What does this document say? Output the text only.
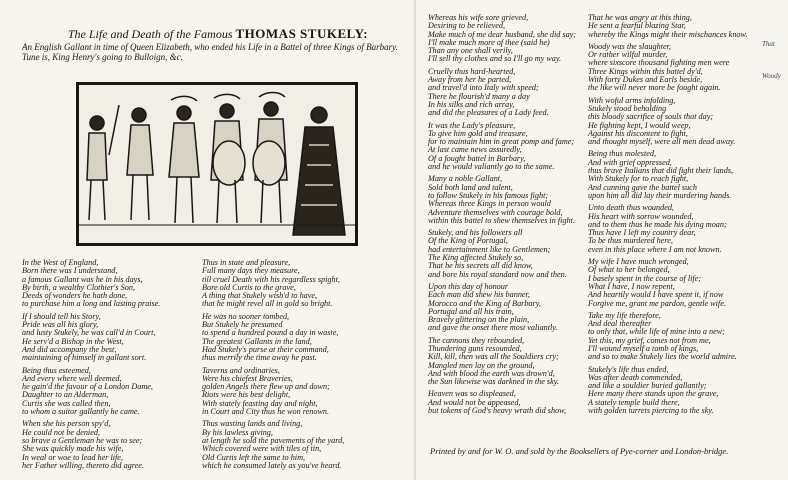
The Life and Death of the Famous THOMAS STUKELY:
An English Gallant in time of Queen Elizabeth, who ended his Life in a Battel of three Kings of Barbary. Tune is, King Henry's going to Bulloign, &c.
In the West of England,
Born there was I understand,
a famous Gallant was he in his days,
By birth, a wealthy Clothier's Son,
Deeds of wonders he hath done,
to purchase him a long and lasting praise.
If I should tell his Story,
Pride was all his glory,
and lusty Stukely, he was call'd in Court,
He serv'd a Bishop in the West,
And did accompany the best,
maintaining of himself in gallant sort.
Being thus esteemed,
And every where well deemed,
he gain'd the favour of a London Dame,
Daughter to an Alderman,
Curtis she was called then,
to whom a suitor gallantly he came.
When she his person spy'd,
He could not be denied,
so brave a Gentleman he was to see;
She was quickly made his wife,
In weal or woe to lead her life,
her Father willing, thereto did agree.
Thus in state and pleasure,
Full many days they measure,
till cruel Death with his regardless spight,
Bore old Curtis to the grave,
A thing that Stukely wish'd to have,
that he might revel all in gold so bright.
He was no sooner tombed,
But Stukely he presumed
to spend a hundred pound a day in waste,
The greatest Gallants in the land,
Had Stukely's purse at their command,
thus merrily the time away he past.
Taverns and ordinaries,
Were his chiefest Braveries,
golden Angels there flew up and down;
Riots were his best delight,
With stately feasting day and night,
in Court and City thus he won renown.
Thus wasting lands and living,
By his lawless giving,
at length he sold the pavements of the yard,
Which covered were with tiles of tin,
Old Curtis left the same to him,
which he consumed lately as you've heard.
Whereas his wife sore grieved,
Desiring to be relieved,
Make much of me dear husband, she did say;
I'll make much more of thee (said he)
Than any one shall verily,
I'll sell thy clothes and so I'll go my way.
Cruelly thus hard-hearted,
Away from her he parted,
and travel'd into Italy with speed;
There he flourish'd many a day
In his silks and rich array,
and did the pleasures of a Lady feed.
It was the Lady's pleasure,
To give him gold and treasure,
for to maintain him in great pomp and fame;
At last came news assuredly,
Of a fought battel in Barbary,
and he would valiantly go to the same.
Many a noble Gallant,
Sold both land and talent,
to follow Stukely in his famous fight;
Whereas three Kings in person would
Adventure themselves with courage bold,
within this battel to shew themselves in fight.
Stukely, and his followers all
Of the King of Portugal,
had entertainment like to Gentlemen;
The King affected Stukely so,
That he his secrets all did know,
and bore his royal standard now and then.
Upon this day of honour
Each man did shew his banner,
Morocco and the King of Barbary,
Portugal and all his train,
Bravely glittering on the plain,
and gave the onset there most valiantly.
The cannons they rebounded,
Thundering guns resounded,
Kill, kill, then was all the Souldiers cry;
Mangled men lay on the ground,
And with blood the earth was drown'd,
the Sun likewise was darkned in the sky.
Heaven was so displeased,
And would not be appeased,
but tokens of God's heavy wrath did show,
That he was angry at this thing,
He sent a fearful blazing Star,
whereby the Kings might their mischances know.
Woody was the slaughter,
Or rather wilful murder,
where sixscore thousand fighting men were
Three Kings within this battel dy'd,
With forty Dukes and Earls beside,
the like will never more be fought again.
With woful arms infolding,
Stukely stood beholding
this bloody sacrifice of souls that day;
He fighting kept, I would weep,
Against his discontent to fight,
and thought myself, were all men dead away.
Being thus molested,
And with grief oppressed,
thus brave Italians that did fight their lands,
With Stukely for to reach fight,
And cunning gave the battel such
upon him all did lay their murdering hands.
Unto death thus wounded,
His heart with sorrow wounded,
and to them thus he made his dying moan;
Thus have I left my country dear,
To be thus murdered here,
even in this place where I am not known.
My wife I have much wronged,
Of what to her belonged,
I basely spent in the course of life;
What I have, I now repent,
And heartily would I have spent it, if now
Forgive me, grant me pardon, gentle wife.
Take my life therefore,
And deal thereafter
to only that, while life of mine into a new;
Yet this, my grief, comes not from me,
I'll wound myself a tomb of kings,
and so to make Stukely lies the world admire.
Stukely's life thus ended,
Was after death commended,
and like a souldier buried gallantly;
Here many there stands upon the grave,
A stately temple build there,
with golden turrets piercing to the sky.
That
Woody
Printed by and for W. O. and sold by the Booksellers of Pye-corner and London-bridge.
